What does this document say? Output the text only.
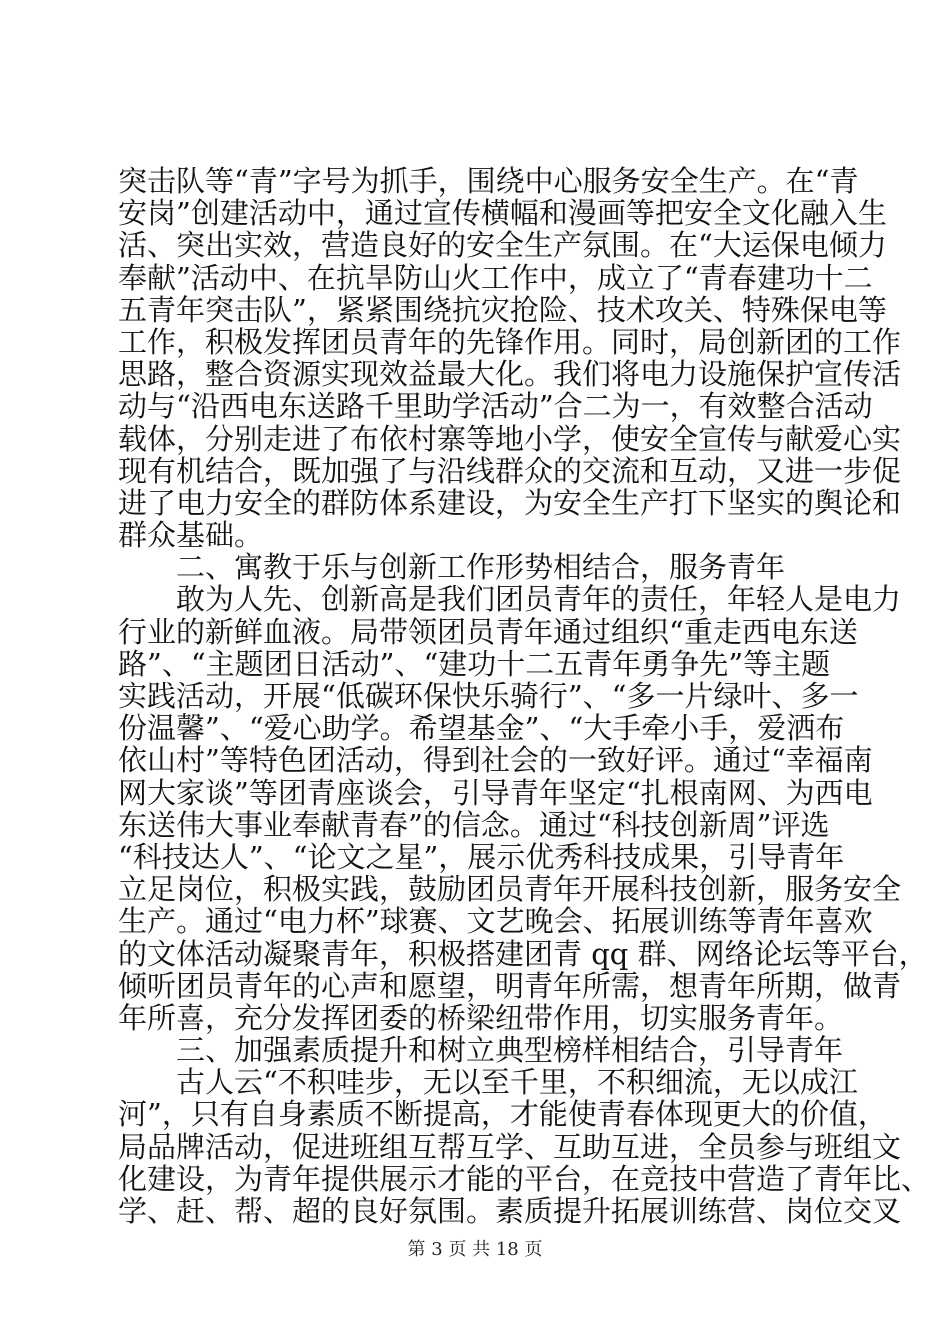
突击队等“青”字号为抓手，围绕中心服务安全生产。在“青
安岗”创建活动中，通过宣传横幅和漫画等把安全文化融入生
活、突出实效，营造良好的安全生产氛围。在“大运保电倾力
奉献”活动中、在抗旱防山火工作中，成立了“青春建功十二
五青年突击队”，紧紧围绕抗灾抢险、技术攻关、特殊保电等
工作，积极发挥团员青年的先锋作用。同时，局创新团的工作
思路，整合资源实现效益最大化。我们将电力设施保护宣传活
动与“沿西电东送路千里助学活动”合二为一，有效整合活动
载体，分别走进了布依村寨等地小学，使安全宣传与献爱心实
现有机结合，既加强了与沿线群众的交流和互动，又进一步促
进了电力安全的群防体系建设，为安全生产打下坚实的舆论和
群众基础。
　　二、寓教于乐与创新工作形势相结合，服务青年
　　敢为人先、创新高是我们团员青年的责任，年轻人是电力
行业的新鲜血液。局带领团员青年通过组织“重走西电东送
路”、“主题团日活动”、“建功十二五青年勇争先”等主题
实践活动，开展“低碳环保快乐骑行”、“多一片绿叶、多一
份温馨”、“爱心助学。希望基金”、“大手牵小手，爱洒布
依山村”等特色团活动，得到社会的一致好评。通过“幸福南
网大家谈”等团青座谈会，引导青年坚定“扎根南网、为西电
东送伟大事业奉献青春”的信念。通过“科技创新周”评选
“科技达人”、“论文之星”，展示优秀科技成果，引导青年
立足岗位，积极实践，鼓励团员青年开展科技创新，服务安全
生产。通过“电力杯”球赛、文艺晚会、拓展训练等青年喜欢
的文体活动凝聚青年，积极搭建团青 qq 群、网络论坛等平台，
倾听团员青年的心声和愿望，明青年所需，想青年所期，做青
年所喜，充分发挥团委的桥梁纽带作用，切实服务青年。
　　三、加强素质提升和树立典型榜样相结合，引导青年
　　古人云“不积哇步，无以至千里，不积细流，无以成江
河”，只有自身素质不断提高，才能使青春体现更大的价值，
局品牌活动，促进班组互帮互学、互助互进，全员参与班组文
化建设，为青年提供展示才能的平台，在竞技中营造了青年比、
学、赶、帮、超的良好氛围。素质提升拓展训练营、岗位交叉
第 3 页 共 18 页
